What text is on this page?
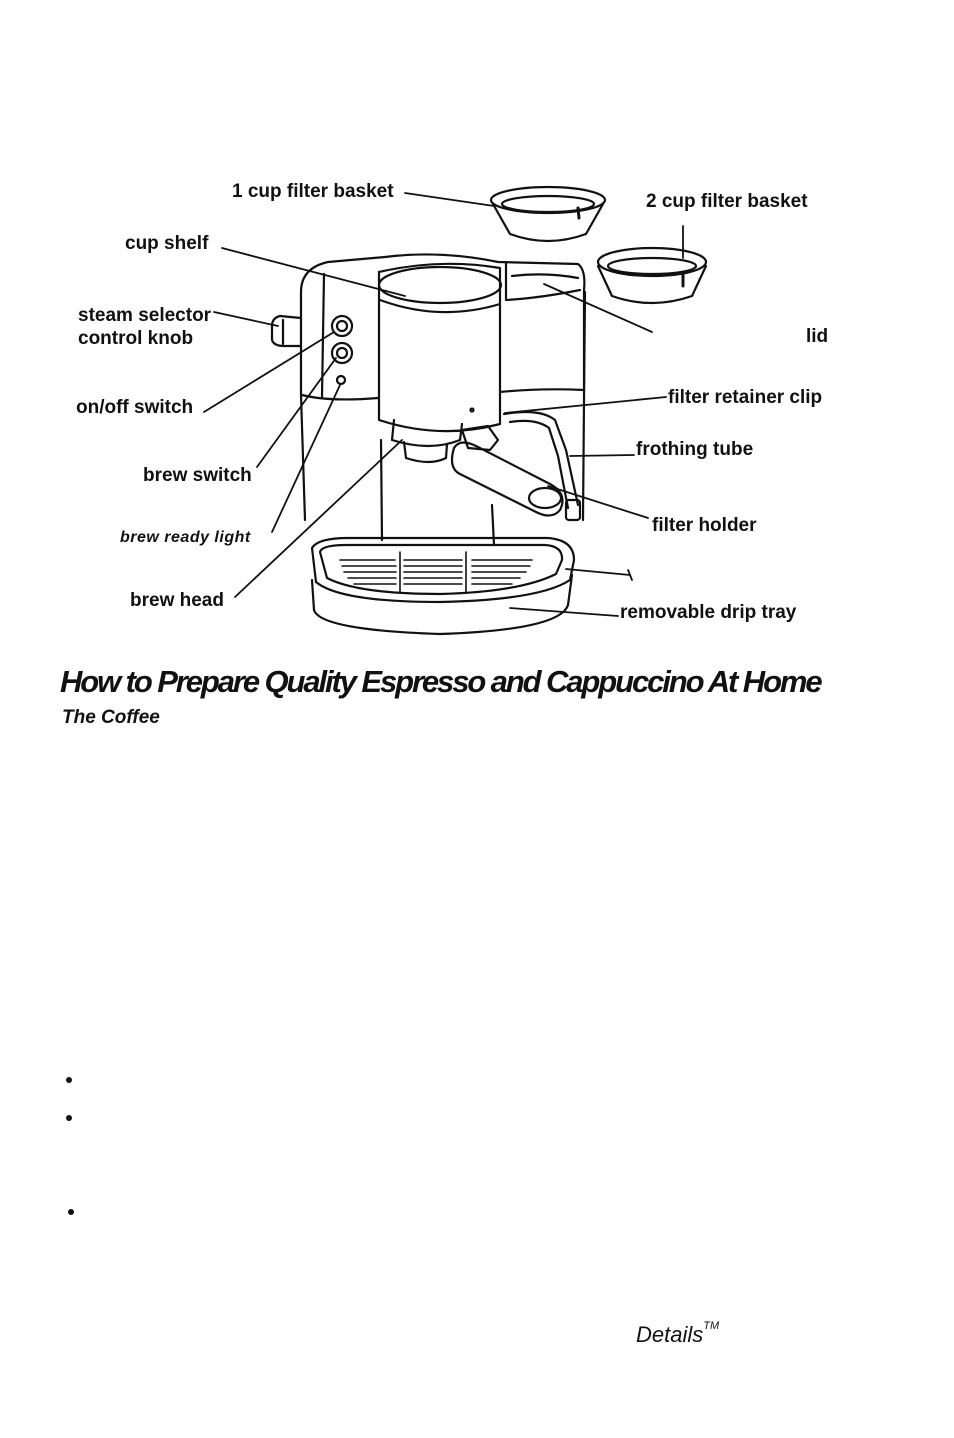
1 cup filter basket	2 cup filter basket
cup shelf
steam selector
control knob	lid
on/off switch	filter retainer clip
frothing tube
brew switch
filter holder
brew ready light
brew head
removable drip tray
How to Prepare Quality Espresso and Cappuccino At Home
The Coffee
Details™
